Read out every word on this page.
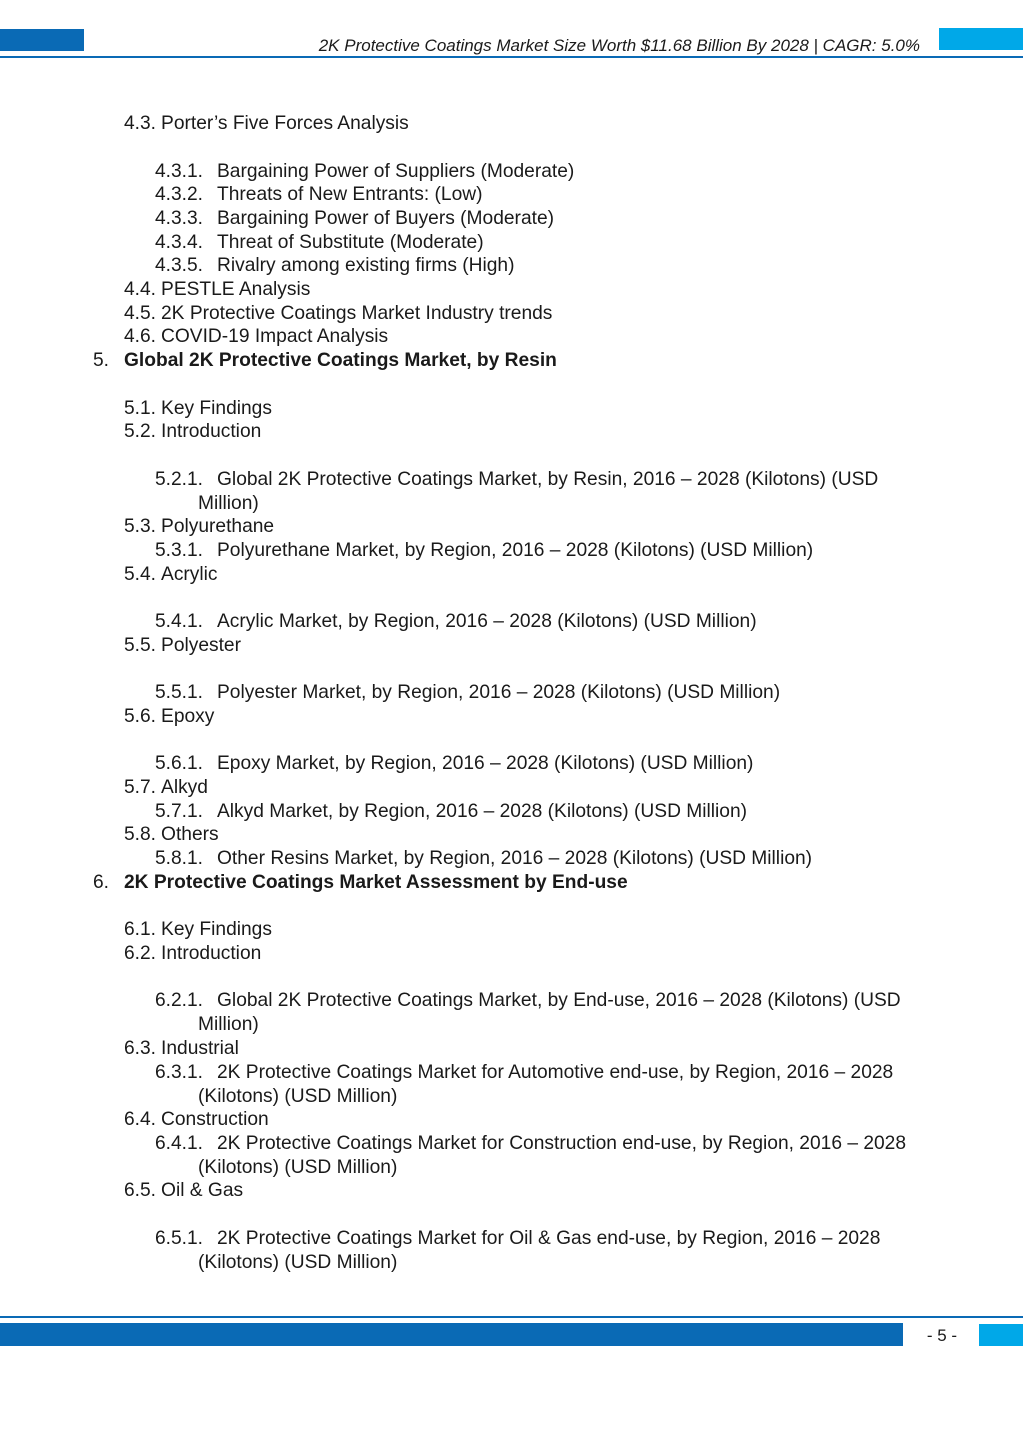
2K Protective Coatings Market Size Worth $11.68 Billion By 2028 | CAGR: 5.0%
4.3. Porter’s Five Forces Analysis
4.3.1. Bargaining Power of Suppliers (Moderate)
4.3.2. Threats of New Entrants: (Low)
4.3.3. Bargaining Power of Buyers (Moderate)
4.3.4. Threat of Substitute (Moderate)
4.3.5. Rivalry among existing firms (High)
4.4. PESTLE Analysis
4.5. 2K Protective Coatings Market Industry trends
4.6. COVID-19 Impact Analysis
5. Global 2K Protective Coatings Market, by Resin
5.1. Key Findings
5.2. Introduction
5.2.1. Global 2K Protective Coatings Market, by Resin, 2016 – 2028 (Kilotons) (USD
Million)
5.3. Polyurethane
5.3.1. Polyurethane Market, by Region, 2016 – 2028 (Kilotons) (USD Million)
5.4. Acrylic
5.4.1. Acrylic Market, by Region, 2016 – 2028 (Kilotons) (USD Million)
5.5. Polyester
5.5.1. Polyester Market, by Region, 2016 – 2028 (Kilotons) (USD Million)
5.6. Epoxy
5.6.1. Epoxy Market, by Region, 2016 – 2028 (Kilotons) (USD Million)
5.7. Alkyd
5.7.1. Alkyd Market, by Region, 2016 – 2028 (Kilotons) (USD Million)
5.8. Others
5.8.1. Other Resins Market, by Region, 2016 – 2028 (Kilotons) (USD Million)
6. 2K Protective Coatings Market Assessment by End-use
6.1. Key Findings
6.2. Introduction
6.2.1. Global 2K Protective Coatings Market, by End-use, 2016 – 2028 (Kilotons) (USD
Million)
6.3. Industrial
6.3.1. 2K Protective Coatings Market for Automotive end-use, by Region, 2016 – 2028
(Kilotons) (USD Million)
6.4. Construction
6.4.1. 2K Protective Coatings Market for Construction end-use, by Region, 2016 – 2028
(Kilotons) (USD Million)
6.5. Oil & Gas
6.5.1. 2K Protective Coatings Market for Oil & Gas end-use, by Region, 2016 – 2028
(Kilotons) (USD Million)
- 5 -
